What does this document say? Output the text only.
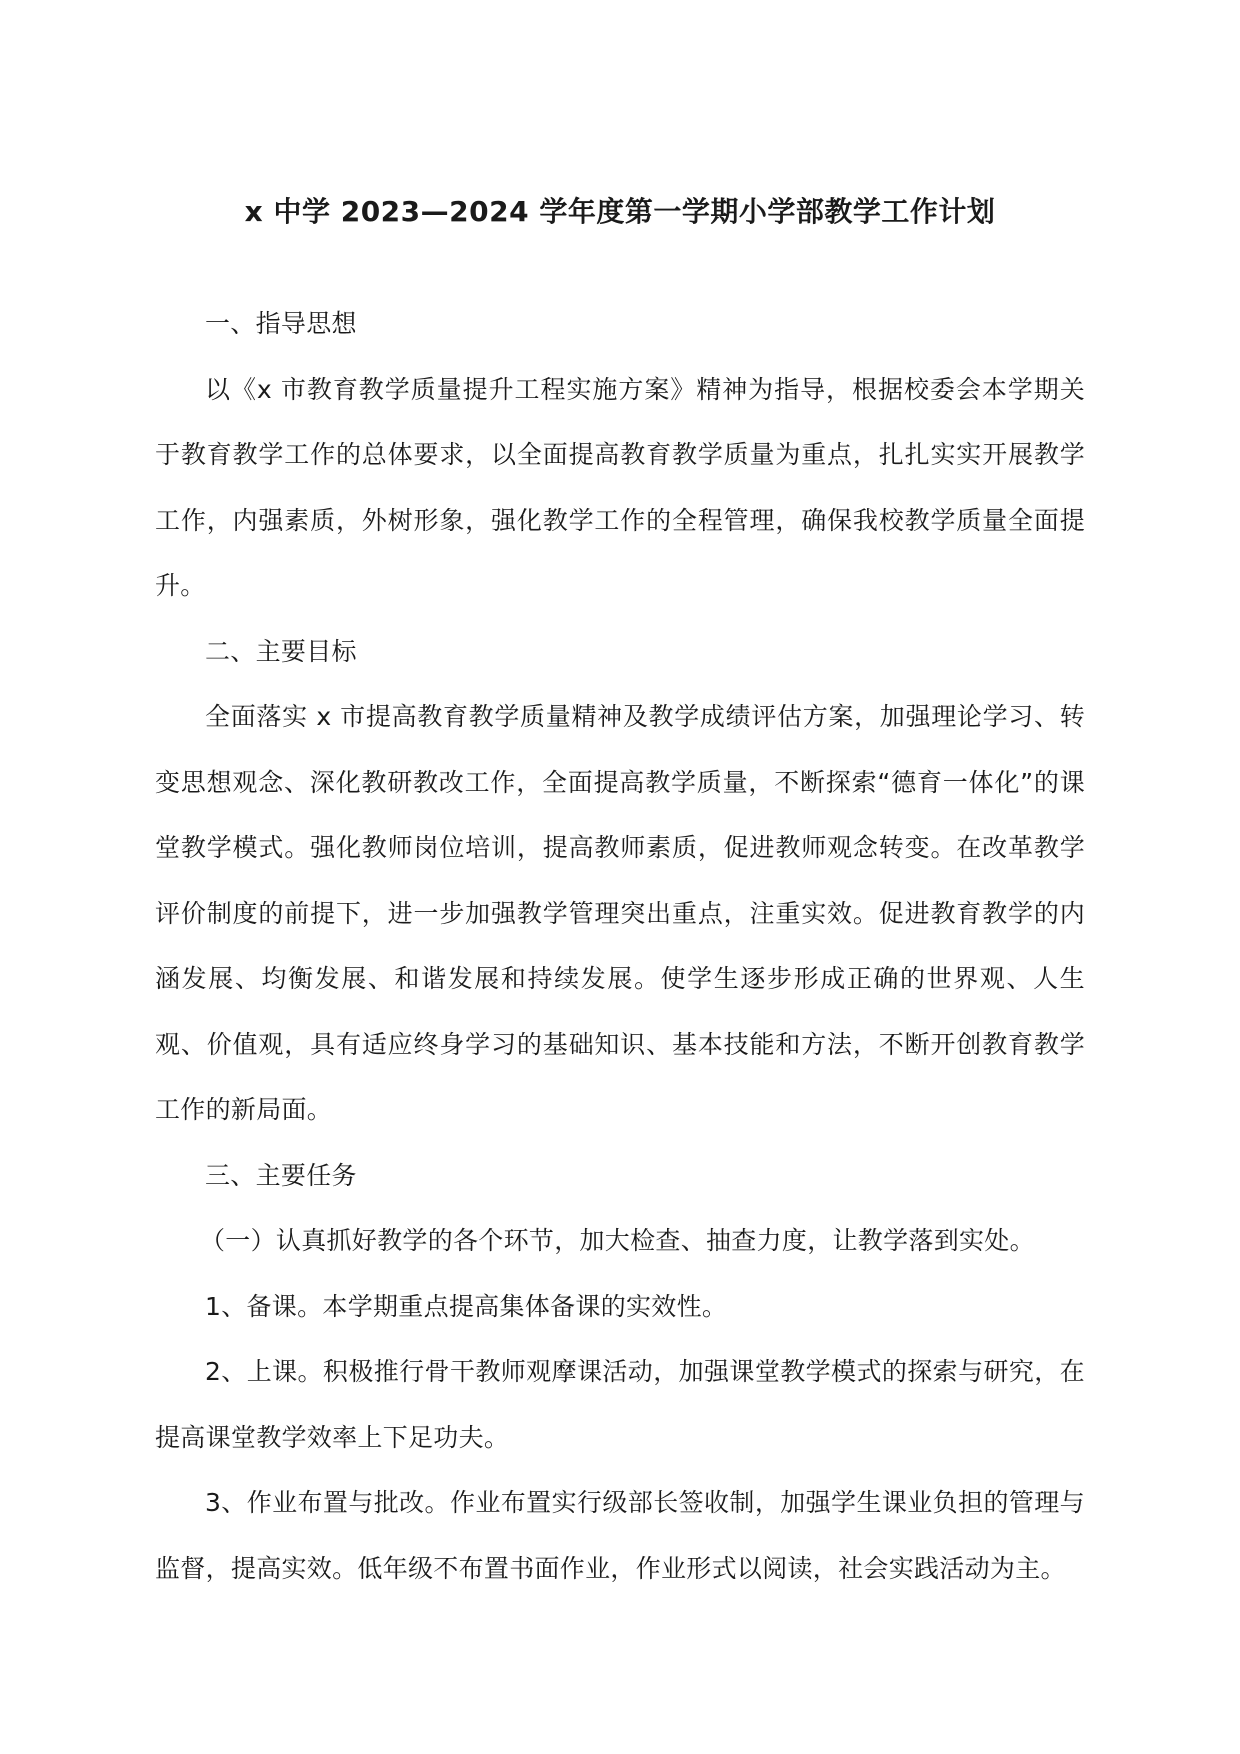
x 中学 2023—2024 学年度第一学期小学部教学工作计划

一、指导思想

以《x 市教育教学质量提升工程实施方案》精神为指导，根据校委会本学期关于教育教学工作的总体要求，以全面提高教育教学质量为重点，扎扎实实开展教学工作，内强素质，外树形象，强化教学工作的全程管理，确保我校教学质量全面提升。

二、主要目标

全面落实 x 市提高教育教学质量精神及教学成绩评估方案，加强理论学习、转变思想观念、深化教研教改工作，全面提高教学质量，不断探索“德育一体化”的课堂教学模式。强化教师岗位培训，提高教师素质，促进教师观念转变。在改革教学评价制度的前提下，进一步加强教学管理突出重点，注重实效。促进教育教学的内涵发展、均衡发展、和谐发展和持续发展。使学生逐步形成正确的世界观、人生观、价值观，具有适应终身学习的基础知识、基本技能和方法，不断开创教育教学工作的新局面。

三、主要任务

（一）认真抓好教学的各个环节，加大检查、抽查力度，让教学落到实处。

1、备课。本学期重点提高集体备课的实效性。

2、上课。积极推行骨干教师观摩课活动，加强课堂教学模式的探索与研究，在提高课堂教学效率上下足功夫。

3、作业布置与批改。作业布置实行级部长签收制，加强学生课业负担的管理与监督，提高实效。低年级不布置书面作业，作业形式以阅读，社会实践活动为主。
